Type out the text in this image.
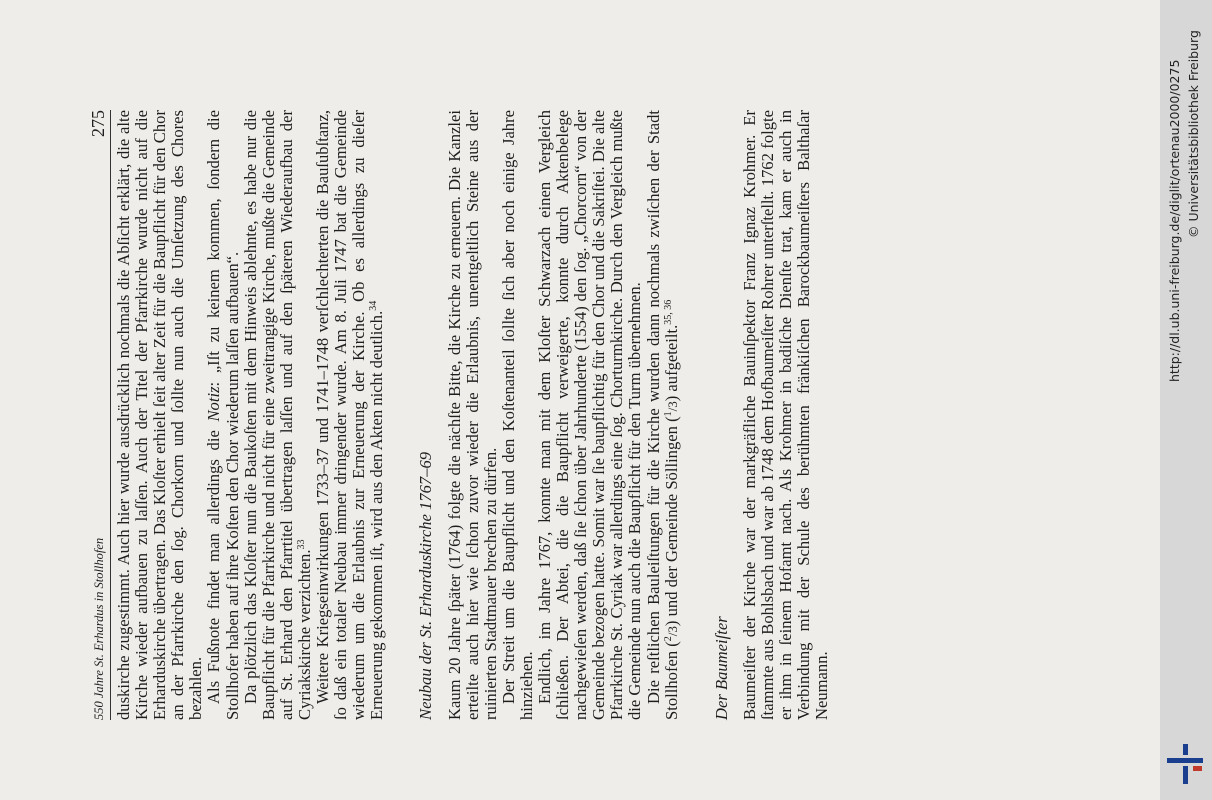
550 Jahre St. Erhardus in Stollhofen
275 duskirche zugestimmt. Auch hier wurde ausdrücklich nochmals die Abſicht erklärt, die alte Kirche wieder aufbauen zu laſſen. Auch der Titel der Pfarrkirche wurde nicht auf die Erharduskirche übertragen. Das Kloſter erhielt ſeit alter Zeit für die Baupflicht für den Chor an der Pfarrkirche den ſog. Chorkorn und ſollte nun auch die Umſetzung des Chores bezahlen. Als Fußnote findet man allerdings die Notiz: „Iſt zu keinem kommen, ſondern die Stollhofer haben auf ihre Koſten den Chor wiederum laſſen aufbauen“. Da plötzlich das Kloſter nun die Baukoſten mit dem Hinweis ablehnte, es habe nur die Baupflicht für die Pfarrkirche und nicht für eine zweitrangige Kirche, mußte die Gemeinde auf St. Erhard den Pfarrtitel übertragen laſſen und auf den ſpäteren Wiederaufbau der Cyriakskirche verzichten.$^{33}$ Weitere Kriegseinwirkungen 1733–37 und 1741–1748 verſchlechterten die Bauſubſtanz, ſo daß ein totaler Neubau immer dringender wurde. Am 8. Juli 1747 bat die Gemeinde wiederum um die Erlaubnis zur Erneuerung der Kirche. Ob es allerdings zu dieſer Erneuerung gekommen iſt, wird aus den Akten nicht deutlich.$^{34}$

Neubau der St. Erharduskirche 1767–69 Kaum 20 Jahre ſpäter (1764) folgte die nächſte Bitte, die Kirche zu erneuern. Die Kanzlei erteilte auch hier wie ſchon zuvor wieder die Erlaubnis, unentgeltlich Steine aus der ruinierten Stadtmauer brechen zu dürfen. Der Streit um die Baupflicht und den Koſtenanteil ſollte ſich aber noch einige Jahre hinziehen. Endlich, im Jahre 1767, konnte man mit dem Kloſter Schwarzach einen Vergleich ſchließen. Der Abtei, die die Baupflicht verweigerte, konnte durch Aktenbelege nachgewieſen werden, daß ſie ſchon über Jahrhunderte (1554) den ſog. „Chorcorn“ von der Gemeinde bezogen hatte. Somit war ſie baupflichtig für den Chor und die Sakriſtei. Die alte Pfarrkirche St. Cyriak war allerdings eine ſog. Chorturmkirche. Durch den Vergleich mußte die Gemeinde nun auch die Baupflicht für den Turm übernehmen. Die reſtlichen Bauleiſtungen für die Kirche wurden dann nochmals zwiſchen der Stadt Stollhofen ($^2$/3) und der Gemeinde Söllingen ($^1$/3) aufgeteilt.$^{35, 36}$

Der Baumeiſter Baumeiſter der Kirche war der markgräfliche Bauinſpektor Franz Ignaz Krohmer. Er ſtammte aus Bohlsbach und war ab 1748 dem Hofbaumeiſter Rohrer unterſtellt. 1762 folgte er ihm in ſeinem Hofamt nach. Als Krohmer in badiſche Dienſte trat, kam er auch in Verbindung mit der Schule des berühmten fränkiſchen Barockbaumeiſters Balthaſar Neumann.

http://dl.ub.uni-freiburg.de/diglit/ortenau2000/0275 © Universitätsbibliothek Freiburg
